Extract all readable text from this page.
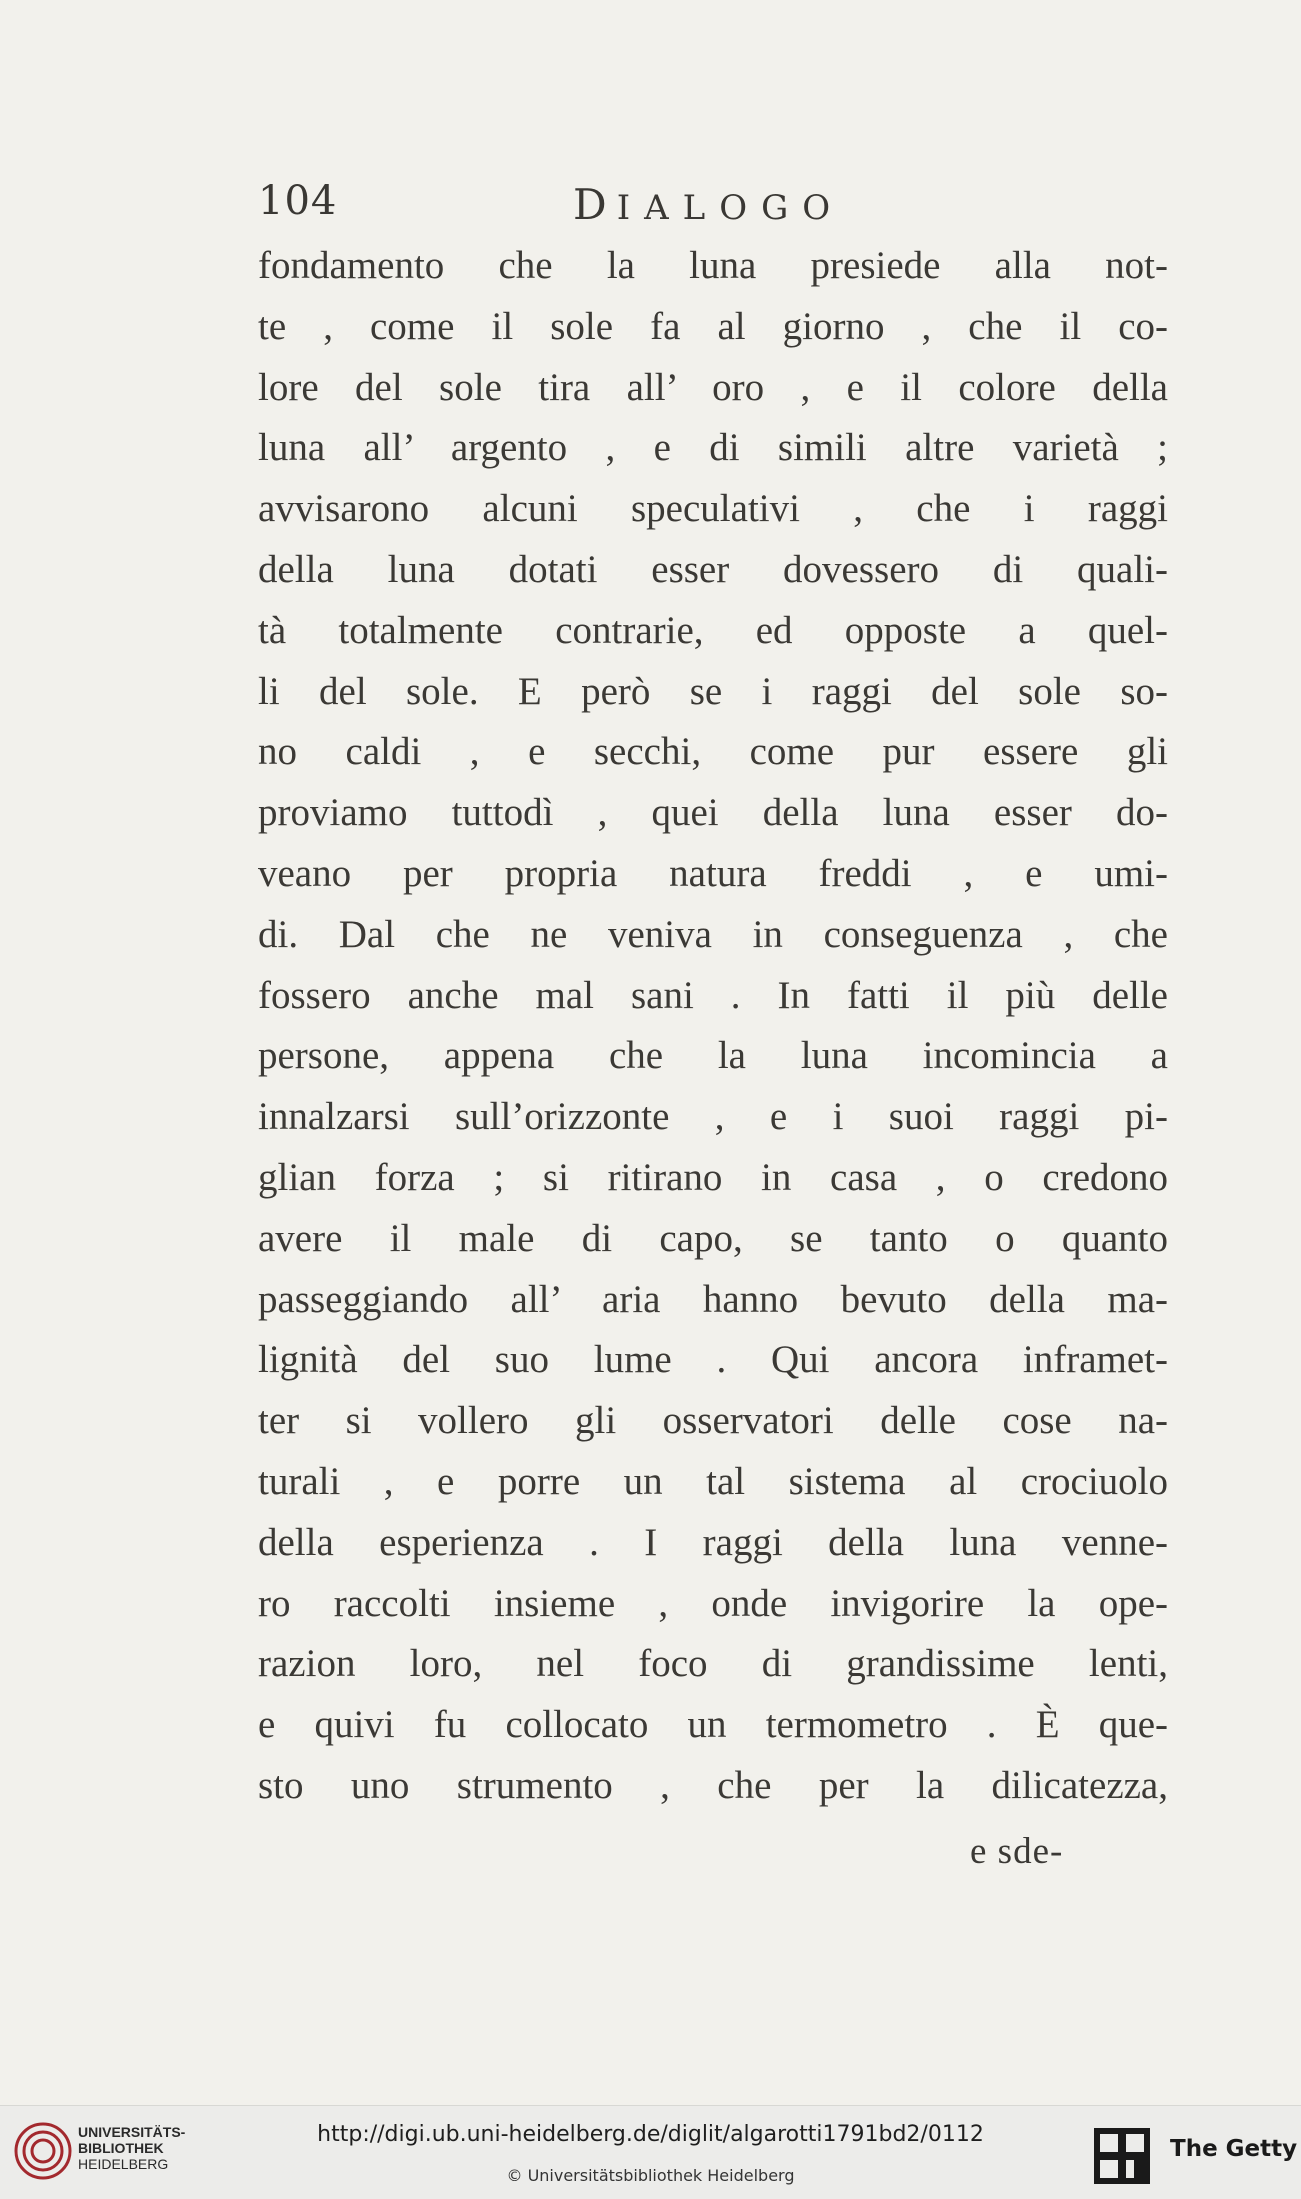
104	DIALOGO
fondamento che la luna presiede alla not-
te , come il sole fa al giorno , che il co-
lore del sole tira all’ oro , e il colore della
luna all’ argento , e di simili altre varietà ;
avvisarono alcuni speculativi , che i raggi
della luna dotati esser dovessero di quali-
tà totalmente contrarie, ed opposte a quel-
li del sole. E però se i raggi del sole so-
no caldi , e secchi, come pur essere gli
proviamo tuttodì , quei della luna esser do-
veano per propria natura freddi , e umi-
di. Dal che ne veniva in conseguenza , che
fossero anche mal sani . In fatti il più delle
persone, appena che la luna incomincia a
innalzarsi sull’orizzonte , e i suoi raggi pi-
glian forza ; si ritirano in casa , o credono
avere il male di capo, se tanto o quanto
passeggiando all’ aria hanno bevuto della ma-
lignità del suo lume . Qui ancora inframet-
ter si vollero gli osservatori delle cose na-
turali , e porre un tal sistema al crociuolo
della esperienza . I raggi della luna venne-
ro raccolti insieme , onde invigorire la ope-
razion loro, nel foco di grandissime lenti,
e quivi fu collocato un termometro . È que-
sto uno strumento , che per la dilicatezza,
e sde-
UNIVERSITÄTS-
BIBLIOTHEK
HEIDELBERG
http://digi.ub.uni-heidelberg.de/diglit/algarotti1791bd2/0112
© Universitätsbibliothek Heidelberg
The Getty
